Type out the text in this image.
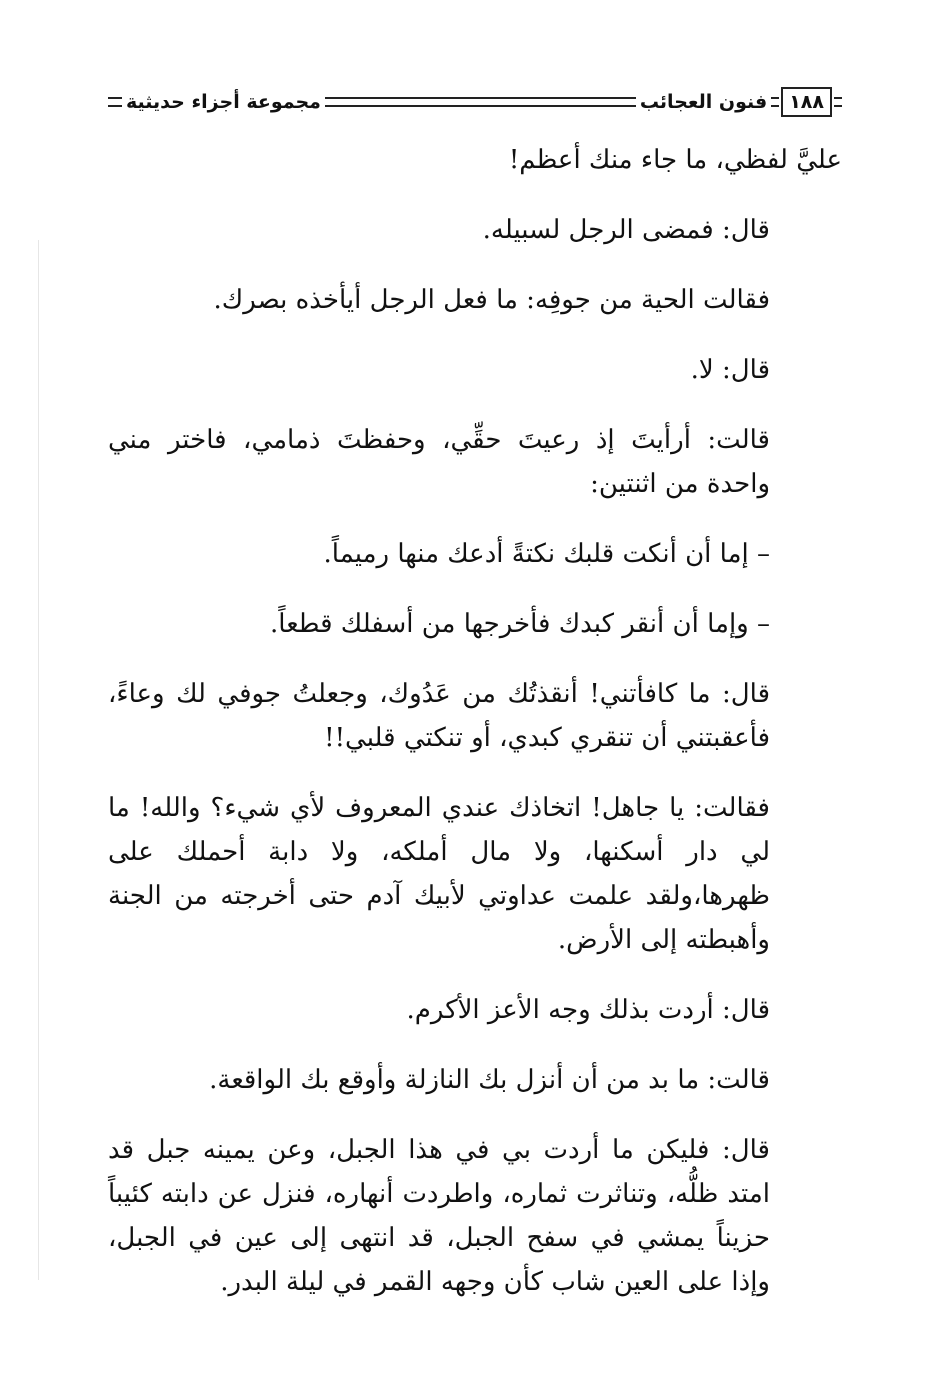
١٨٨
فنون العجائب
مجموعة أجزاء حديثية

عليَّ لفظي، ما جاء منك أعظم!

قال: فمضى الرجل لسبيله.

فقالت الحية من جوفِه: ما فعل الرجل أيأخذه بصرك.

قال: لا.

قالت: أرأيتَ إذ رعيتَ حقِّي، وحفظتَ ذمامي، فاختر مني واحدة من اثنتين:

– إما أن أنكت قلبك نكتةً أدعك منها رميماً.

– وإما أن أنقر كبدك فأخرجها من أسفلك قطعاً.

قال: ما كافأتني! أنقذتُك من عَدُوك، وجعلتُ جوفي لك وعاءً، فأعقبتني أن تنقري كبدي، أو تنكتي قلبي!!

فقالت: يا جاهل! اتخاذك عندي المعروف لأي شيء؟ والله! ما لي دار أسكنها، ولا مال أملكه، ولا دابة أحملك على ظهرها،ولقد علمت عداوتي لأبيك آدم حتى أخرجته من الجنة وأهبطته إلى الأرض.

قال: أردت بذلك وجه الأعز الأكرم.

قالت: ما بد من أن أنزل بك النازلة وأوقع بك الواقعة.

قال: فليكن ما أردت بي في هذا الجبل، وعن يمينه جبل قد امتد ظلُّه، وتناثرت ثماره، واطردت أنهاره، فنزل عن دابته كئيباً حزيناً يمشي في سفح الجبل، قد انتهى إلى عين في الجبل، وإذا على العين شاب كأن وجهه القمر في ليلة البدر.
